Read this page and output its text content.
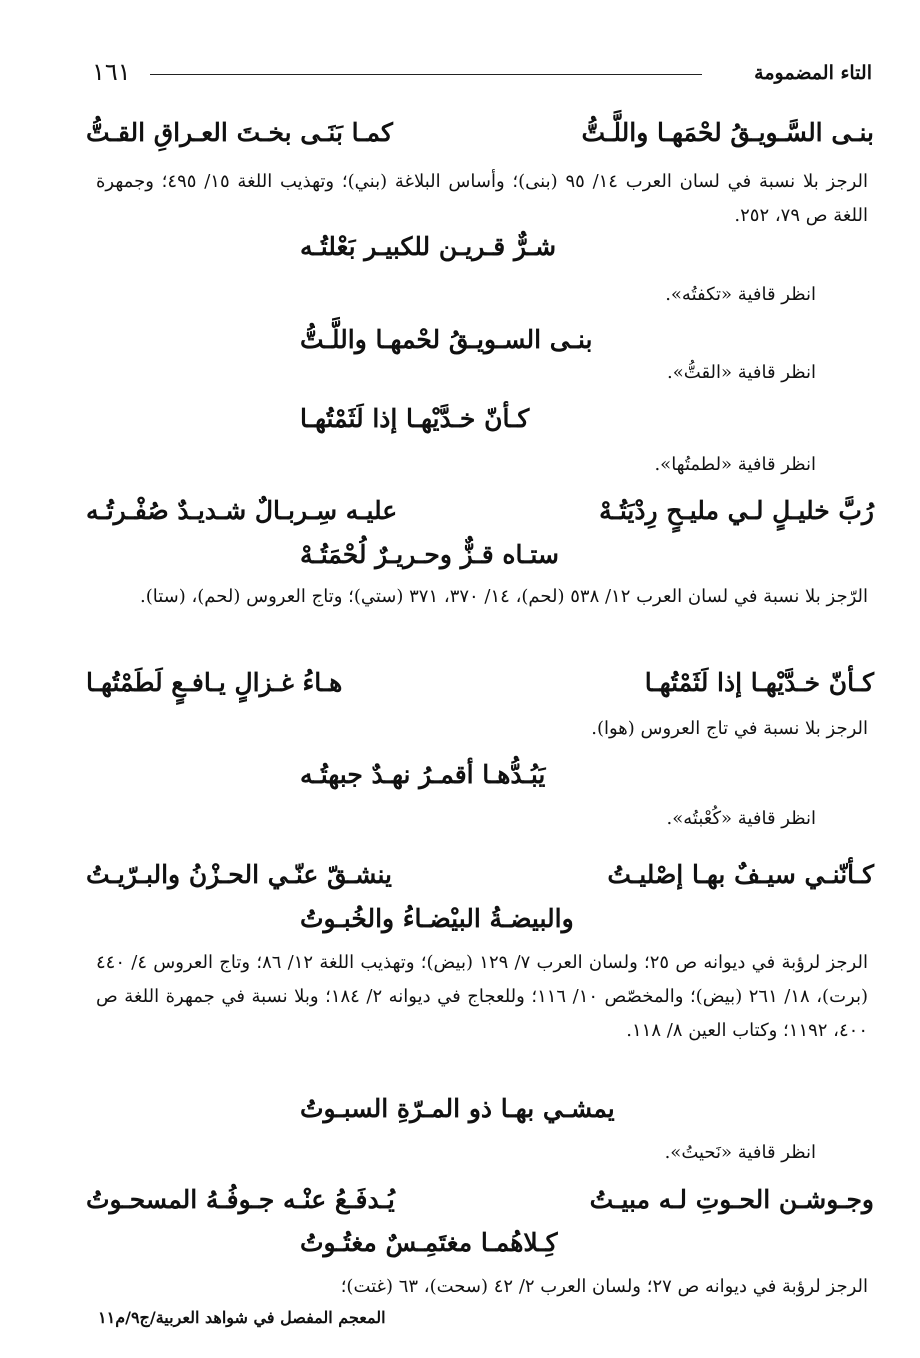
١٦١	التاء المضمومة
بنـى السَّـويـقُ لحْمَهـا واللَّـتُّ
كمـا بَنَـى بخـتَ العـراقِ القـتُّ
الرجز بلا نسبة في لسان العرب ١٤/ ٩٥ (بنى)؛ وأساس البلاغة (بني)؛ وتهذيب اللغة ١٥/ ٤٩٥؛ وجمهرة اللغة ص ٧٩، ٢٥٢.
شـرٌّ قـريـن للكبيـر بَعْلتُـه
انظر قافية «تكفتُه».
بنـى السـويـقُ لحْمهـا واللَّـتُّ
انظر قافية «القتُّ».
كـأنّ خـدَّيْهـا إذا لَثَمْتُهـا
انظر قافية «لطمتُها».
رُبَّ خليـلٍ لـي مليـحٍ رِدْيَتُـهْ
عليـه سِـربـالٌ شـديـدٌ صُفْـرتُـه
ستـاه قـزٌّ وحـريـرٌ لُحْمَتُـهْ
الرّجز بلا نسبة في لسان العرب ١٢/ ٥٣٨ (لحم)، ١٤/ ٣٧٠، ٣٧١ (ستي)؛ وتاج العروس (لحم)، (ستا).
كـأنّ خـدَّيْهـا إذا لَثَمْتُهـا
هـاءُ غـزالٍ يـافـعٍ لَطَمْتُهـا
الرجز بلا نسبة في تاج العروس (هوا).
يَبُـدُّهـا أقمـرُ نهـدٌ جبهتُـه
انظر قافية «كُعْبتُه».
كـأنّنـي سيـفٌ بهـا إصْليـتُ
ينشـقّ عنّـي الحـزْنُ والبـرّيـتُ
والبيضـةُ البيْضـاءُ والخُبـوتُ
الرجز لرؤبة في ديوانه ص ٢٥؛ ولسان العرب ٧/ ١٢٩ (بيض)؛ وتهذيب اللغة ١٢/ ٨٦؛ وتاج العروس ٤/ ٤٤٠ (برت)، ١٨/ ٢٦١ (بيض)؛ والمخصّص ١٠/ ١١٦؛ وللعجاج في ديوانه ٢/ ١٨٤؛ وبلا نسبة في جمهرة اللغة ص ٤٠٠، ١١٩٢؛ وكتاب العين ٨/ ١١٨.
يمشـي بهـا ذو المـرّةِ السبـوتُ
انظر قافية «نَحيتُ».
وجـوشـن الحـوتِ لـه مبيـتُ
يُـدفَـعُ عنْـه جـوفُـهُ المسحـوتُ
كِـلاهُمـا مغتَمِـسٌ مغتُـوتُ
الرجز لرؤبة في ديوانه ص ٢٧؛ ولسان العرب ٢/ ٤٢ (سحت)، ٦٣ (غتت)؛
المعجم المفصل في شواهد العربية/ج٩/م١١
